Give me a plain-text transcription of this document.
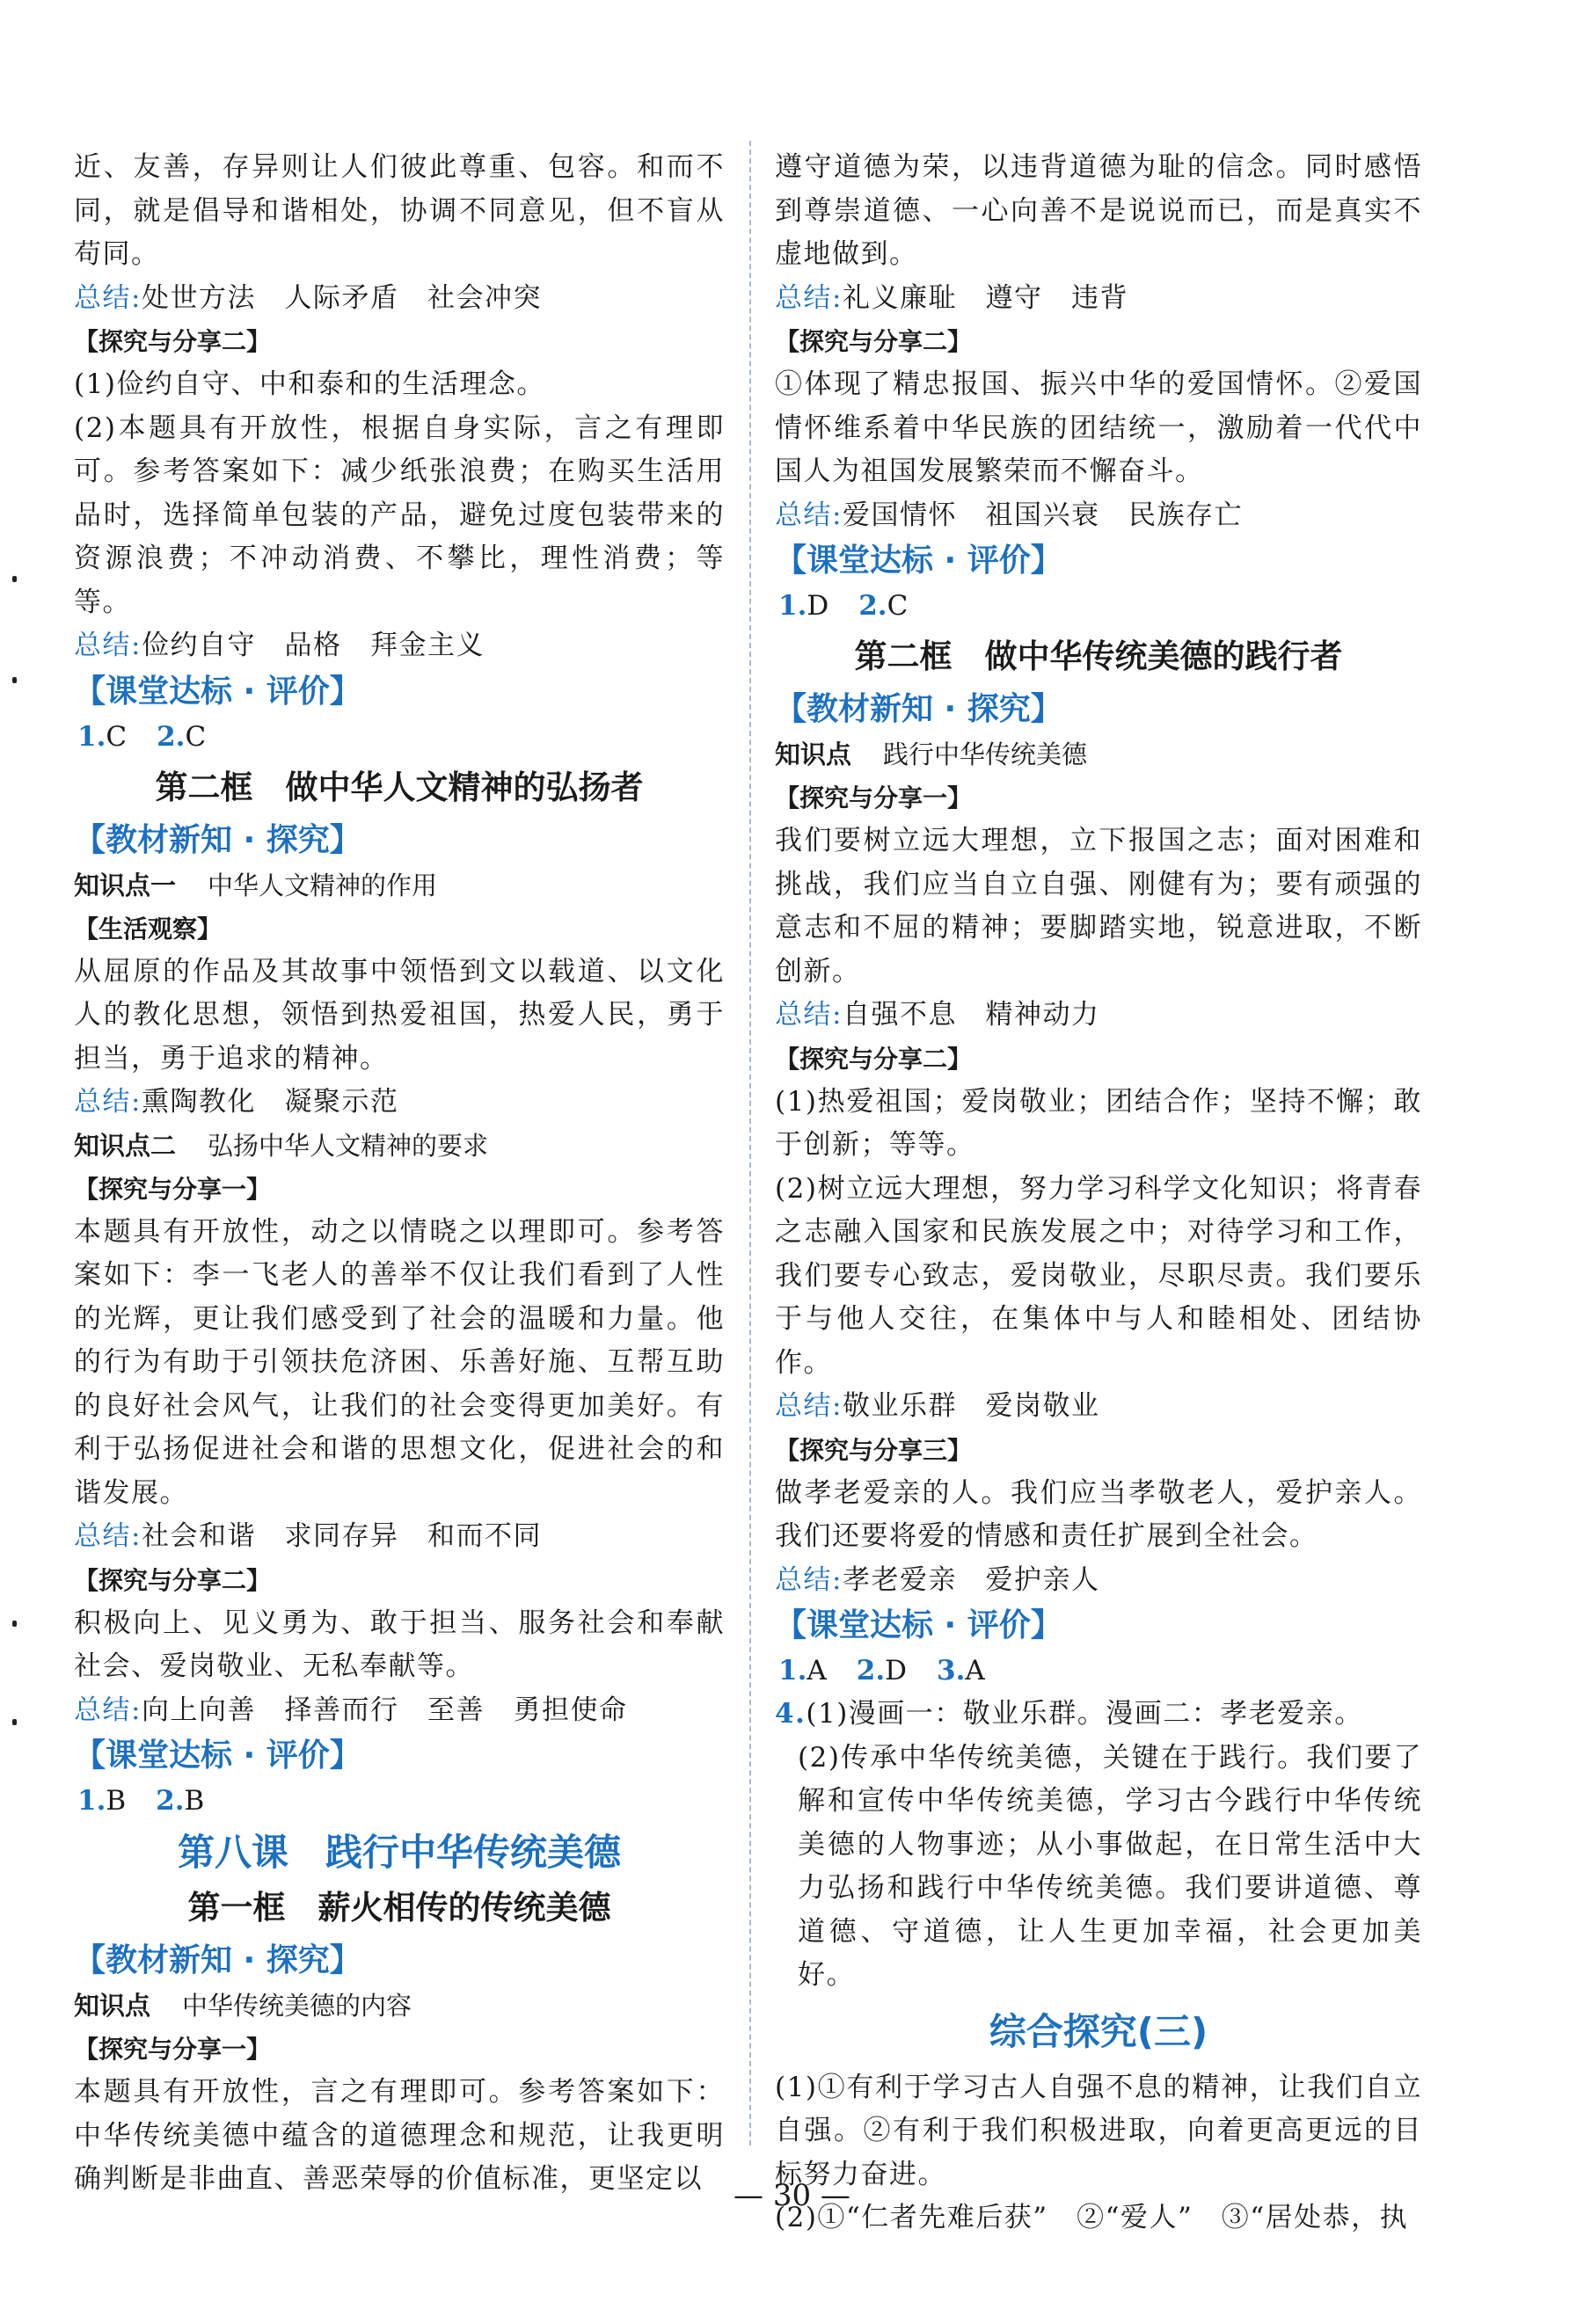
近、友善，存异则让人们彼此尊重、包容。和而不同，就是倡导和谐相处，协调不同意见，但不盲从苟同。

总结:处世方法　人际矛盾　社会冲突

【探究与分享二】

(1)俭约自守、中和泰和的生活理念。

(2)本题具有开放性，根据自身实际，言之有理即可。参考答案如下：减少纸张浪费；在购买生活用品时，选择简单包装的产品，避免过度包装带来的资源浪费；不冲动消费、不攀比，理性消费；等等。

总结:俭约自守　品格　拜金主义

【课堂达标 · 评价】

1.C 2.C

第二框　做中华人文精神的弘扬者

【教材新知 · 探究】

知识点一 中华人文精神的作用

【生活观察】

从屈原的作品及其故事中领悟到文以载道、以文化人的教化思想，领悟到热爱祖国，热爱人民，勇于担当，勇于追求的精神。

总结:熏陶教化　凝聚示范

知识点二 弘扬中华人文精神的要求

【探究与分享一】

本题具有开放性，动之以情晓之以理即可。参考答案如下：李一飞老人的善举不仅让我们看到了人性的光辉，更让我们感受到了社会的温暖和力量。他的行为有助于引领扶危济困、乐善好施、互帮互助的良好社会风气，让我们的社会变得更加美好。有利于弘扬促进社会和谐的思想文化，促进社会的和谐发展。

总结:社会和谐　求同存异　和而不同

【探究与分享二】

积极向上、见义勇为、敢于担当、服务社会和奉献社会、爱岗敬业、无私奉献等。

总结:向上向善　择善而行　至善　勇担使命

【课堂达标 · 评价】

1.B 2.B

第八课　践行中华传统美德

第一框　薪火相传的传统美德

【教材新知 · 探究】

知识点 中华传统美德的内容

【探究与分享一】

本题具有开放性，言之有理即可。参考答案如下：中华传统美德中蕴含的道德理念和规范，让我更明确判断是非曲直、善恶荣辱的价值标准，更坚定以

遵守道德为荣，以违背道德为耻的信念。同时感悟到尊崇道德、一心向善不是说说而已，而是真实不虚地做到。

总结:礼义廉耻　遵守　违背

【探究与分享二】

①体现了精忠报国、振兴中华的爱国情怀。②爱国情怀维系着中华民族的团结统一，激励着一代代中国人为祖国发展繁荣而不懈奋斗。

总结:爱国情怀　祖国兴衰　民族存亡

【课堂达标 · 评价】

1.D 2.C

第二框　做中华传统美德的践行者

【教材新知 · 探究】

知识点 践行中华传统美德

【探究与分享一】

我们要树立远大理想，立下报国之志；面对困难和挑战，我们应当自立自强、刚健有为；要有顽强的意志和不屈的精神；要脚踏实地，锐意进取，不断创新。

总结:自强不息　精神动力

【探究与分享二】

(1)热爱祖国；爱岗敬业；团结合作；坚持不懈；敢于创新；等等。

(2)树立远大理想，努力学习科学文化知识；将青春之志融入国家和民族发展之中；对待学习和工作，我们要专心致志，爱岗敬业，尽职尽责。我们要乐于与他人交往，在集体中与人和睦相处、团结协作。

总结:敬业乐群　爱岗敬业

【探究与分享三】

做孝老爱亲的人。我们应当孝敬老人，爱护亲人。我们还要将爱的情感和责任扩展到全社会。

总结:孝老爱亲　爱护亲人

【课堂达标 · 评价】

1.A 2.D 3.A

4.(1)漫画一：敬业乐群。漫画二：孝老爱亲。

(2)传承中华传统美德，关键在于践行。我们要了解和宣传中华传统美德，学习古今践行中华传统美德的人物事迹；从小事做起，在日常生活中大力弘扬和践行中华传统美德。我们要讲道德、尊道德、守道德，让人生更加幸福，社会更加美好。

综合探究(三)

(1)①有利于学习古人自强不息的精神，让我们自立自强。②有利于我们积极进取，向着更高更远的目标努力奋进。

(2)①“仁者先难后获”　②“爱人”　③“居处恭，执

— 30 —
